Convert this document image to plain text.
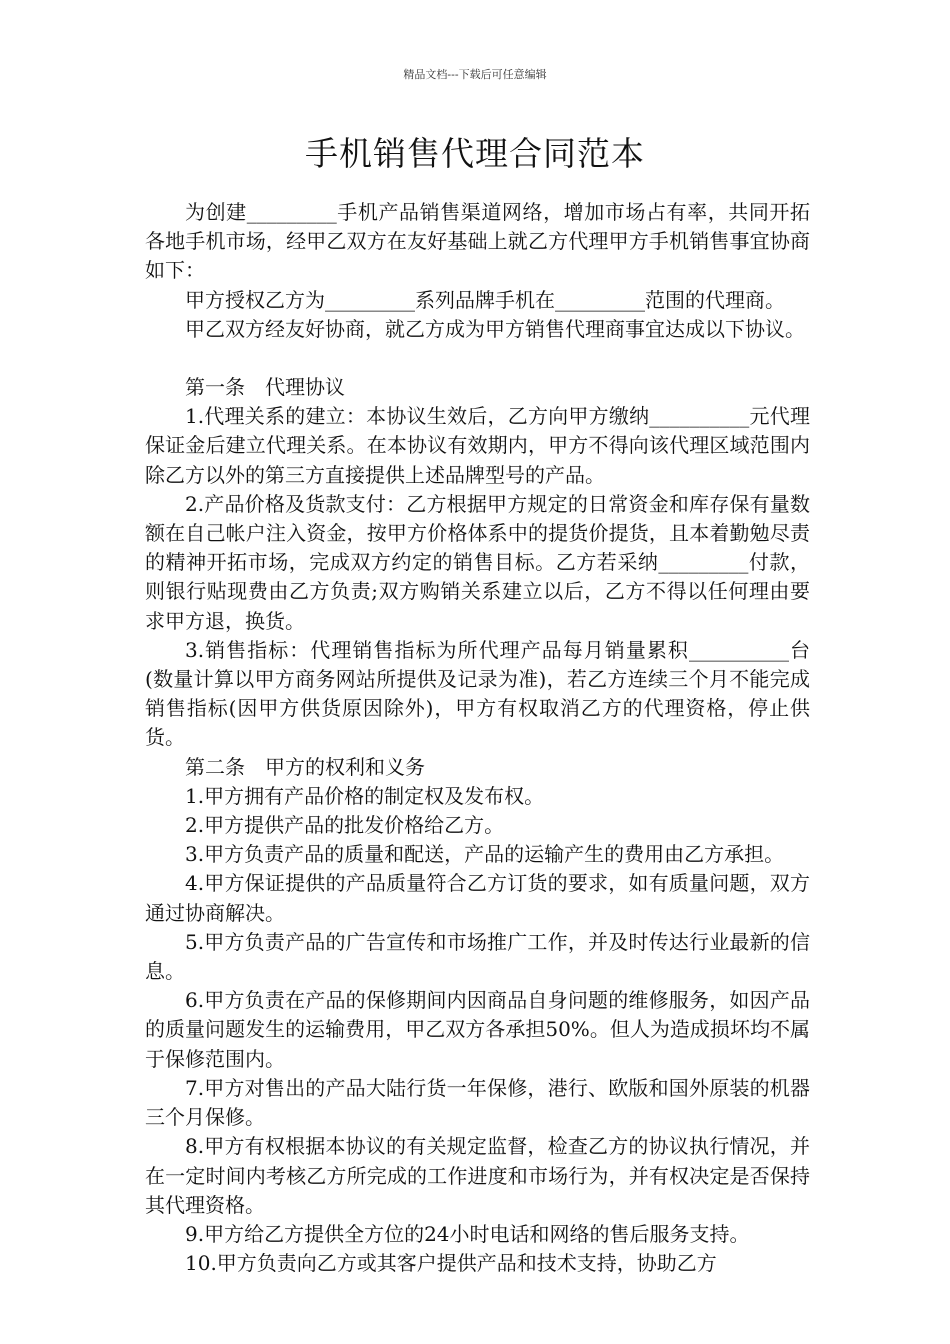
精品文档---下载后可任意编辑
手机销售代理合同范本

为创建_________手机产品销售渠道网络，增加市场占有率，共同开拓各地手机市场，经甲乙双方在友好基础上就乙方代理甲方手机销售事宜协商如下：

甲方授权乙方为_________系列品牌手机在_________范围的代理商。

甲乙双方经友好协商，就乙方成为甲方销售代理商事宜达成以下协议。

第一条　代理协议

1.代理关系的建立：本协议生效后，乙方向甲方缴纳__________元代理保证金后建立代理关系。在本协议有效期内，甲方不得向该代理区域范围内除乙方以外的第三方直接提供上述品牌型号的产品。

2.产品价格及货款支付：乙方根据甲方规定的日常资金和库存保有量数额在自己帐户注入资金，按甲方价格体系中的提货价提货，且本着勤勉尽责的精神开拓市场，完成双方约定的销售目标。乙方若采纳_________付款，则银行贴现费由乙方负责;双方购销关系建立以后，乙方不得以任何理由要求甲方退，换货。

3.销售指标：代理销售指标为所代理产品每月销量累积__________台(数量计算以甲方商务网站所提供及记录为准)，若乙方连续三个月不能完成销售指标(因甲方供货原因除外)，甲方有权取消乙方的代理资格，停止供货。

第二条　甲方的权利和义务

1.甲方拥有产品价格的制定权及发布权。

2.甲方提供产品的批发价格给乙方。

3.甲方负责产品的质量和配送，产品的运输产生的费用由乙方承担。

4.甲方保证提供的产品质量符合乙方订货的要求，如有质量问题，双方通过协商解决。

5.甲方负责产品的广告宣传和市场推广工作，并及时传达行业最新的信息。

6.甲方负责在产品的保修期间内因商品自身问题的维修服务，如因产品的质量问题发生的运输费用，甲乙双方各承担50%。但人为造成损坏均不属于保修范围内。

7.甲方对售出的产品大陆行货一年保修，港行、欧版和国外原装的机器三个月保修。

8.甲方有权根据本协议的有关规定监督，检查乙方的协议执行情况，并在一定时间内考核乙方所完成的工作进度和市场行为，并有权决定是否保持其代理资格。

9.甲方给乙方提供全方位的24小时电话和网络的售后服务支持。

10.甲方负责向乙方或其客户提供产品和技术支持，协助乙方
